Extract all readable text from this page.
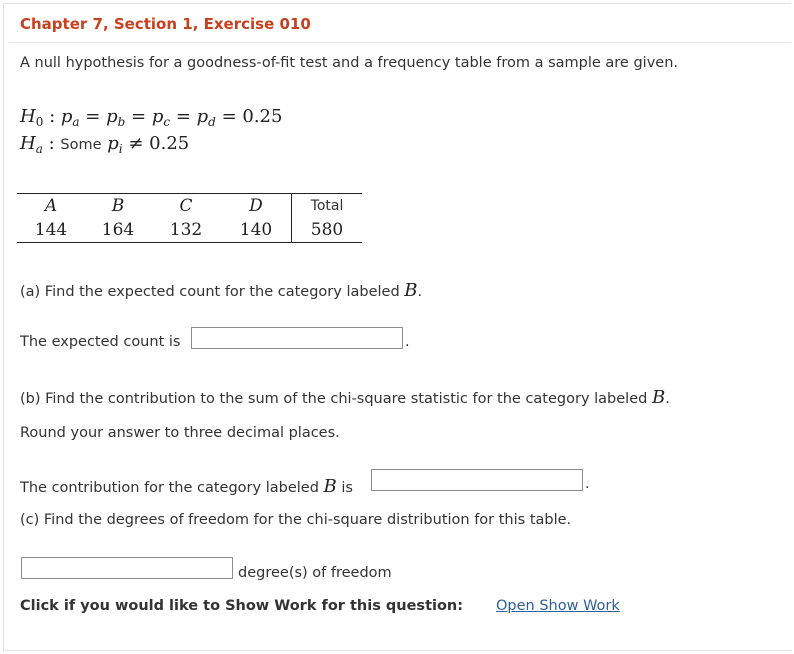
Chapter 7, Section 1, Exercise 010
A null hypothesis for a goodness-of-fit test and a frequency table from a sample are given.
$H_0$ : $p_a = p_b = p_c = p_d = 0.25$
$H_a$ : Some $p_i \ne 0.25$
A	B	C	D	Total
144	164	132	140	580
(a) Find the expected count for the category labeled B.
The expected count is	.
(b) Find the contribution to the sum of the chi-square statistic for the category labeled B.
Round your answer to three decimal places.
The contribution for the category labeled B is	.
(c) Find the degrees of freedom for the chi-square distribution for this table.
degree(s) of freedom
Click if you would like to Show Work for this question: Open Show Work
